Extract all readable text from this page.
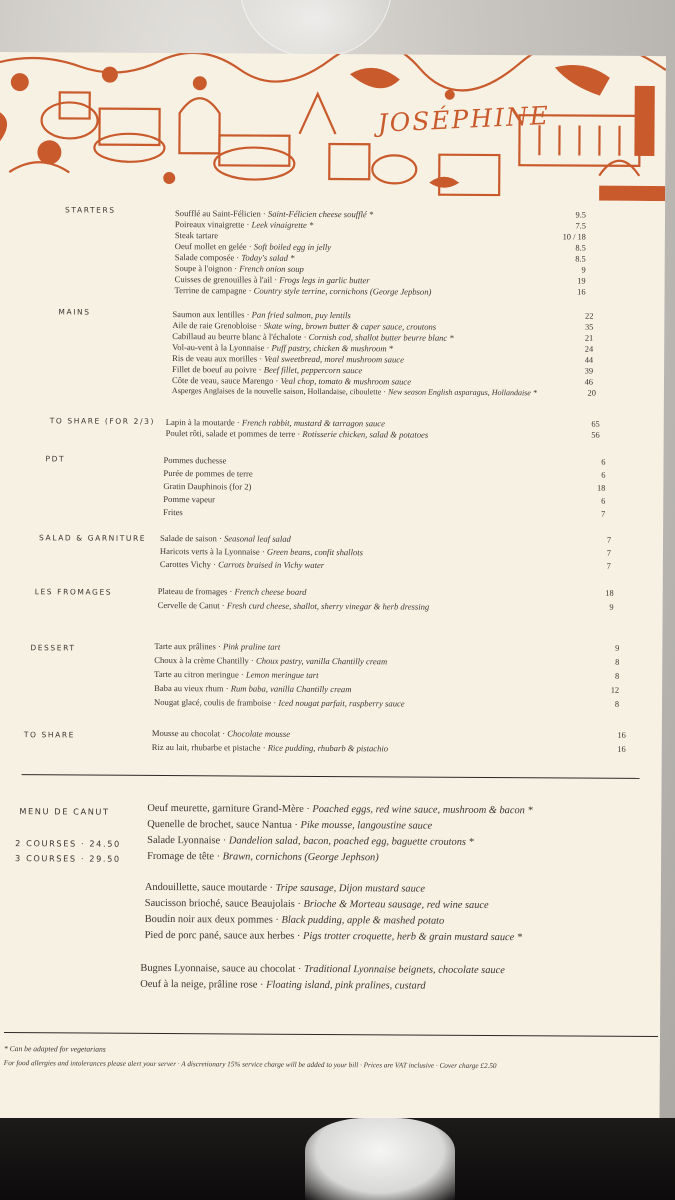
JOSÉPHINE
STARTERS	Soufflé au Saint-Félicien · Saint-Félicien cheese soufflé *	9.5
Poireaux vinaigrette · Leek vinaigrette *	7.5
Steak tartare	10 / 18
Oeuf mollet en gelée · Soft boiled egg in jelly	8.5
Salade composée · Today's salad *	8.5
Soupe à l'oignon · French onion soup	9
Cuisses de grenouilles à l'ail · Frogs legs in garlic butter	19
Terrine de campagne · Country style terrine, cornichons (George Jepbson)	16
MAINS	Saumon aux lentilles · Pan fried salmon, puy lentils	22
Aile de raie Grenobloise · Skate wing, brown butter & caper sauce, croutons	35
Cabillaud au beurre blanc à l'échalote · Cornish cod, shallot butter beurre blanc *	21
Vol-au-vent à la Lyonnaise · Puff pastry, chicken & mushroom *	24
Ris de veau aux morilles · Veal sweetbread, morel mushroom sauce	44
Fillet de boeuf au poivre · Beef fillet, peppercorn sauce	39
Côte de veau, sauce Marengo · Veal chop, tomato & mushroom sauce	46
Asperges Anglaises de la nouvelle saison, Hollandaise, ciboulette · New season English asparagus, Hollandaise *	20
TO SHARE (FOR 2/3) Lapin à la moutarde · French rabbit, mustard & tarragon sauce	65
Poulet rôti, salade et pommes de terre · Rotisserie chicken, salad & potatoes	56
PDT	Pommes duchesse	6
Purée de pommes de terre	6
Gratin Dauphinois (for 2)	18
Pomme vapeur	6
Frites	7
SALAD & GARNITURE Salade de saison · Seasonal leaf salad	7
Haricots verts à la Lyonnaise · Green beans, confit shallots	7
Carottes Vichy · Carrots braised in Vichy water	7
LES FROMAGES	Plateau de fromages · French cheese board	18
Cervelle de Canut · Fresh curd cheese, shallot, sherry vinegar & herb dressing	9
DESSERT	Tarte aux prâlines · Pink praline tart	9
Choux à la crème Chantilly · Choux pastry, vanilla Chantilly cream	8
Tarte au citron meringue · Lemon meringue tart	8
Baba au vieux rhum · Rum baba, vanilla Chantilly cream	12
Nougat glacé, coulis de framboise · Iced nougat parfait, raspberry sauce	8
TO SHARE	Mousse au chocolat · Chocolate mousse	16
Riz au lait, rhubarbe et pistache · Rice pudding, rhubarb & pistachio	16
MENU DE CANUT
2 COURSES · 24.50
3 COURSES · 29.50
Oeuf meurette, garniture Grand-Mère · Poached eggs, red wine sauce, mushroom & bacon *
Quenelle de brochet, sauce Nantua · Pike mousse, langoustine sauce
Salade Lyonnaise · Dandelion salad, bacon, poached egg, baguette croutons *
Fromage de tête · Brawn, cornichons (George Jephson)
Andouillette, sauce moutarde · Tripe sausage, Dijon mustard sauce
Saucisson brioché, sauce Beaujolais · Brioche & Morteau sausage, red wine sauce
Boudin noir aux deux pommes · Black pudding, apple & mashed potato
Pied de porc pané, sauce aux herbes · Pigs trotter croquette, herb & grain mustard sauce *
Bugnes Lyonnaise, sauce au chocolat · Traditional Lyonnaise beignets, chocolate sauce
Oeuf à la neige, prâline rose · Floating island, pink pralines, custard
* Can be adapted for vegetarians
For food allergies and intolerances please alert your server · A discretionary 15% service charge will be added to your bill · Prices are VAT inclusive · Cover charge £2.50
